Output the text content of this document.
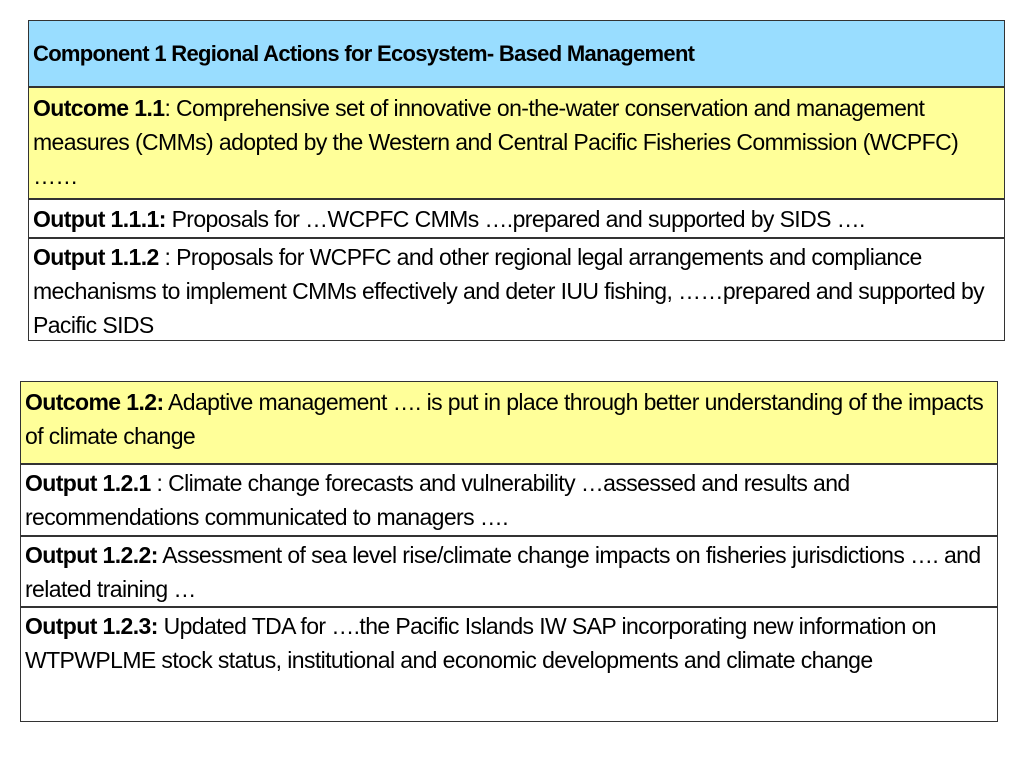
Component 1 Regional Actions for Ecosystem- Based Management
Outcome 1.1: Comprehensive set of innovative on-the-water conservation and management measures (CMMs) adopted by the Western and Central Pacific Fisheries Commission (WCPFC) ……
Output 1.1.1: Proposals for …WCPFC CMMs ….prepared and supported by SIDS ….
Output 1.1.2 : Proposals for WCPFC and other regional legal arrangements and compliance mechanisms to implement CMMs effectively and deter IUU fishing, ……prepared and supported by Pacific SIDS
Outcome 1.2: Adaptive management …. is put in place through better understanding of the impacts of climate change
Output 1.2.1 : Climate change forecasts and vulnerability …assessed and results and recommendations communicated to managers ….
Output 1.2.2: Assessment of sea level rise/climate change impacts on fisheries jurisdictions …. and related training …
Output 1.2.3: Updated TDA for ….the Pacific Islands IW SAP incorporating new information on WTPWPLME stock status, institutional and economic developments and climate change
